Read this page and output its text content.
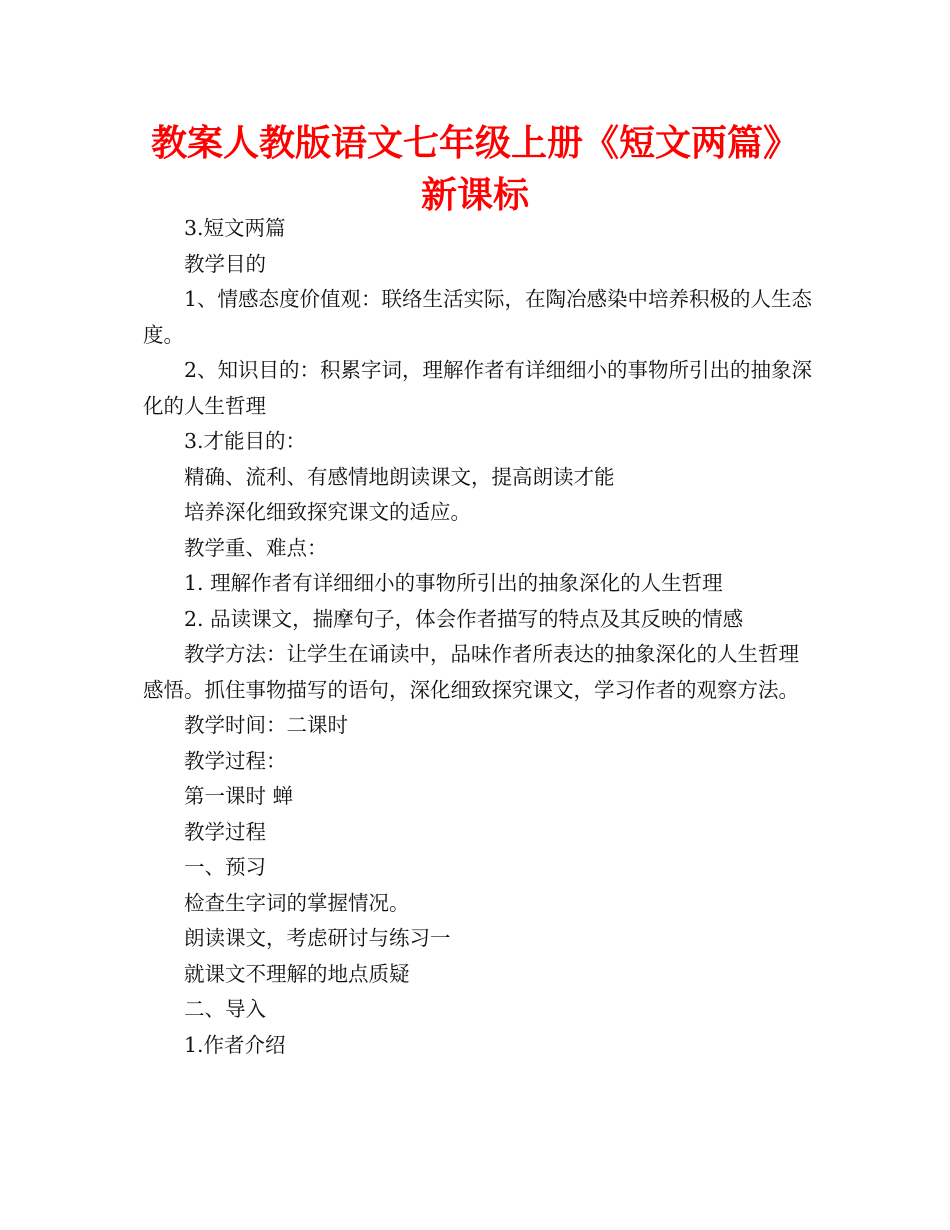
教案人教版语文七年级上册《短文两篇》
新课标

3.短文两篇

教学目的

1、情感态度价值观：联络生活实际，在陶冶感染中培养积极的人生态度。

2、知识目的：积累字词，理解作者有详细细小的事物所引出的抽象深化的人生哲理

3.才能目的：

精确、流利、有感情地朗读课文，提高朗读才能

培养深化细致探究课文的适应。

教学重、难点：

1. 理解作者有详细细小的事物所引出的抽象深化的人生哲理

2. 品读课文，揣摩句子，体会作者描写的特点及其反映的情感

教学方法：让学生在诵读中，品味作者所表达的抽象深化的人生哲理感悟。抓住事物描写的语句，深化细致探究课文，学习作者的观察方法。

教学时间：二课时

教学过程：

第一课时 蝉

教学过程

一、预习

检查生字词的掌握情况。

朗读课文，考虑研讨与练习一

就课文不理解的地点质疑

二、导入

1.作者介绍
